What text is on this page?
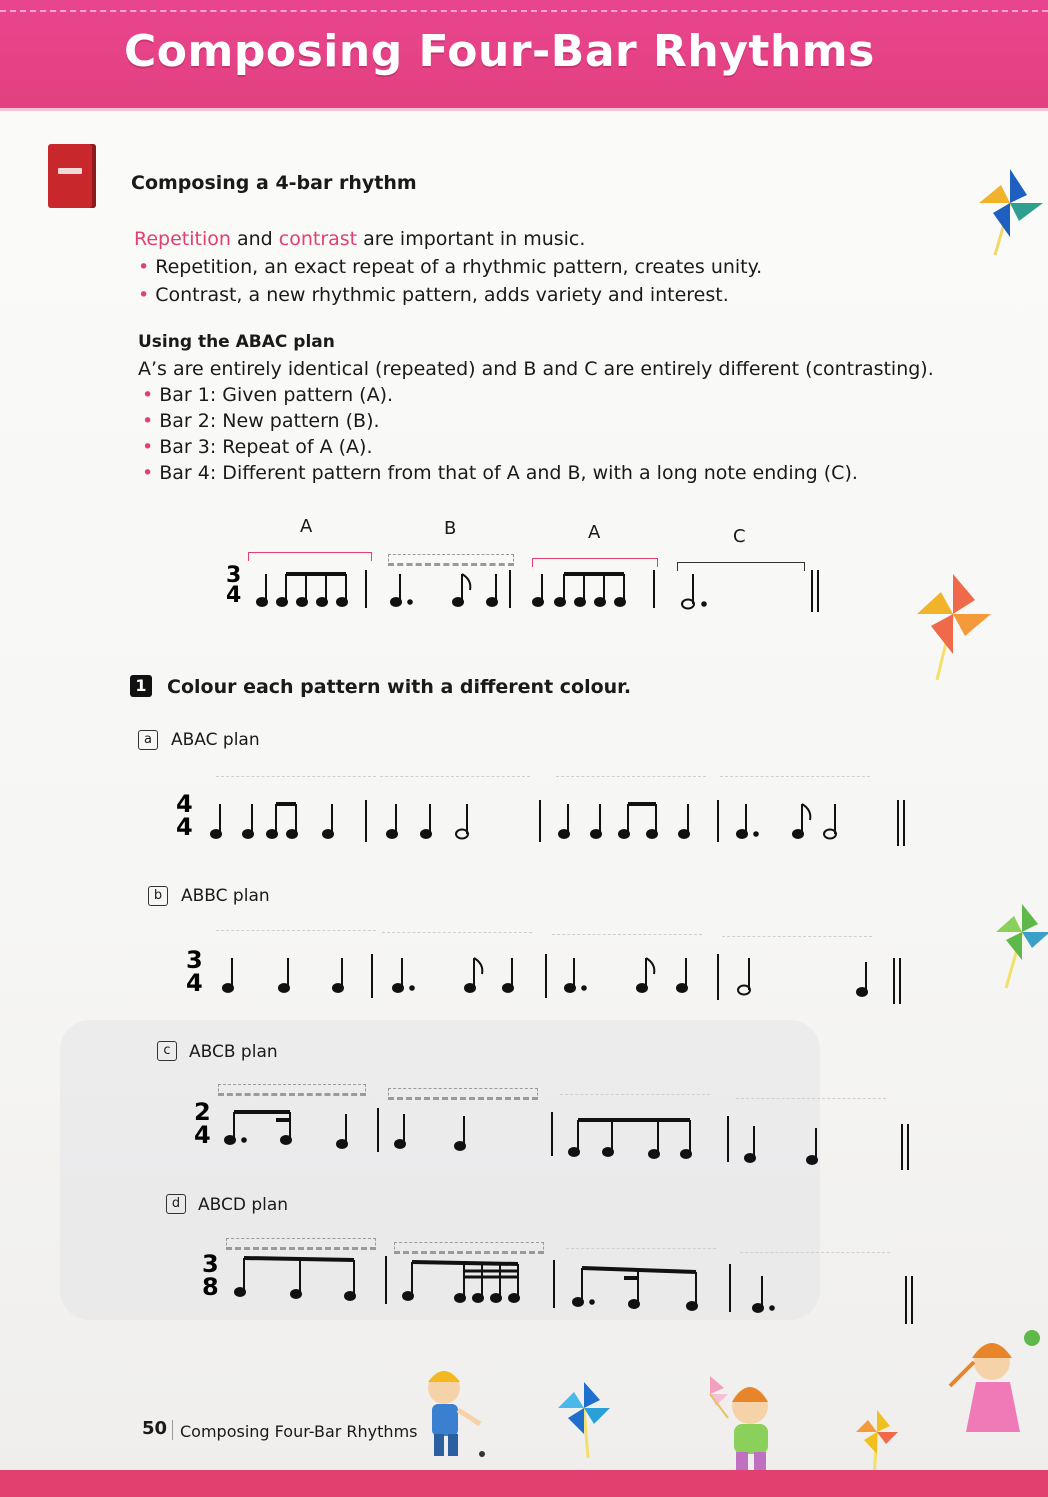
Composing Four-Bar Rhythms
Composing a 4-bar rhythm
Repetition and contrast are important in music.
• Repetition, an exact repeat of a rhythmic pattern, creates unity.
• Contrast, a new rhythmic pattern, adds variety and interest.
Using the ABAC plan
A’s are entirely identical (repeated) and B and C are entirely different (contrasting).
• Bar 1: Given pattern (A).
• Bar 2: New pattern (B).
• Bar 3: Repeat of A (A).
• Bar 4: Different pattern from that of A and B, with a long note ending (C).
A	B	A	C
3
4
1 Colour each pattern with a different colour.
a	ABAC plan
4
4
b	ABBC plan
3
4
c	ABCB plan
2
4
d	ABCD plan
3
8
50 Composing Four-Bar Rhythms
